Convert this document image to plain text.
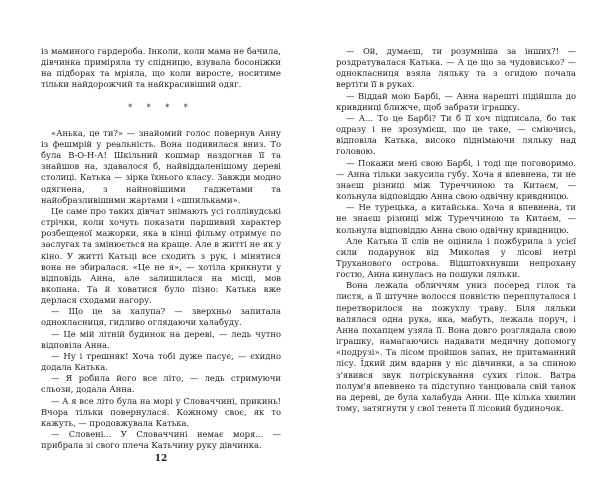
із маминого гардероба. Інколи, коли мама не бачила, дівчинка приміряла ту спідницю, взувала босоніжки на підборах та мріяла, що коли виросте, носитиме тільки найдорожчий та найкрасивіший одяг.

* * * *

«Анька, це ти?» — знайомий голос повернув Анну із фешмрій у реальність. Вона подивилася вниз. То була В-О-Н-А! Шкільний кошмар наздогнав її та знайшов на, здавалося б, найвіддаленішому дереві столиці. Катька — зірка їхнього класу. Завжди модно одягнена, з найновішими гаджетами та найобразливішими жартами і «шпильками».

Це саме про таких дівчат знімають усі голлівудські стрічки, коли хочуть показати паршивий характер розбещеної мажорки, яка в кінці фільму отримує по заслугах та змінюється на краще. Але в житті не як у кіно. У житті Катьці все сходить з рук, і мінятися вона не збиралася. «Це не я», — хотіла крикнути у відповідь Анна, але залишилася на місці, мов вкопана. Та й ховатися було пізно: Катька вже дерлася сходами нагору.

— Що це за халупа? — зверхньо запитала однокласниця, гидливо оглядаючи халабуду.

— Це мій літній будинок на дереві, — ледь чутно відповіла Анна.

— Ну і трешняк! Хоча тобі дуже пасує, — єхидно додала Катька.

— Я робила його все літо, — ледь стримуючи сльози, додала Анна.

— А я все літо була на морі у Словаччині, прикинь! Вчора тільки повернулася. Кожному своє, як то кажуть, — продовжувала Катька.

— Словені... У Словаччині немає моря... — прибрала зі свого плеча Катьчину руку дівчинка.

12

— Ой, думаєш, ти розумніша за інших?! — роздратувалася Катька. — А це що за чудовисько? — однокласниця взяла ляльку та з огидою почала вертіти її в руках.

— Віддай мою Барбі, — Анна нарешті підійшла до кривдниці ближче, щоб забрати іграшку.

— А... То це Барбі? Ти б її хоч підписала, бо так одразу і не зрозумієш, що це таке, — сміючись, відповіла Катька, високо піднімаючи ляльку над головою.

— Покажи мені свою Барбі, і тоді ще поговоримо. — Анна тільки закусила губу. Хоча я впевнена, ти не знаєш різниці між Туреччиною та Китаєм, — кольнула відповіддю Анна свою одвічну кривдницю.

— Не турецька, а китайська. Хоча я впевнена, ти не знаєш різниці між Туреччиною та Китаєм, — кольнула відповіддю Анна свою одвічну кривдницю.

Але Катька її слів не оцінила і пожбурила з усієї сили подарунок від Миколая у лісові нетрі Труханового острова. Відштовхнувши непрохану гостю, Анна кинулась на пошуки ляльки.

Вона лежала обличчям униз посеред гілок та листя, а її штучне волосся повністю переплуталося і перетворилося на пожухлу траву. Біля ляльки валялася одна рука, яка, мабуть, лежала поруч, і Анна похапцем узяла її. Вона довго розглядала свою іграшку, намагаючись надавати медичну допомогу «подрузі». Та лісом пройшов запах, не притаманний лісу. Їдкий дим вдарив у ніс дівчинки, а за спиною з'явився звук потріскування сухих гілок. Ватра полум'я впевнено та підступно танцювала свій танок на дереві, де була халабуда Анни. Ще кілька хвилин тому, затягнути у свої тенета її лісовий будиночок.
